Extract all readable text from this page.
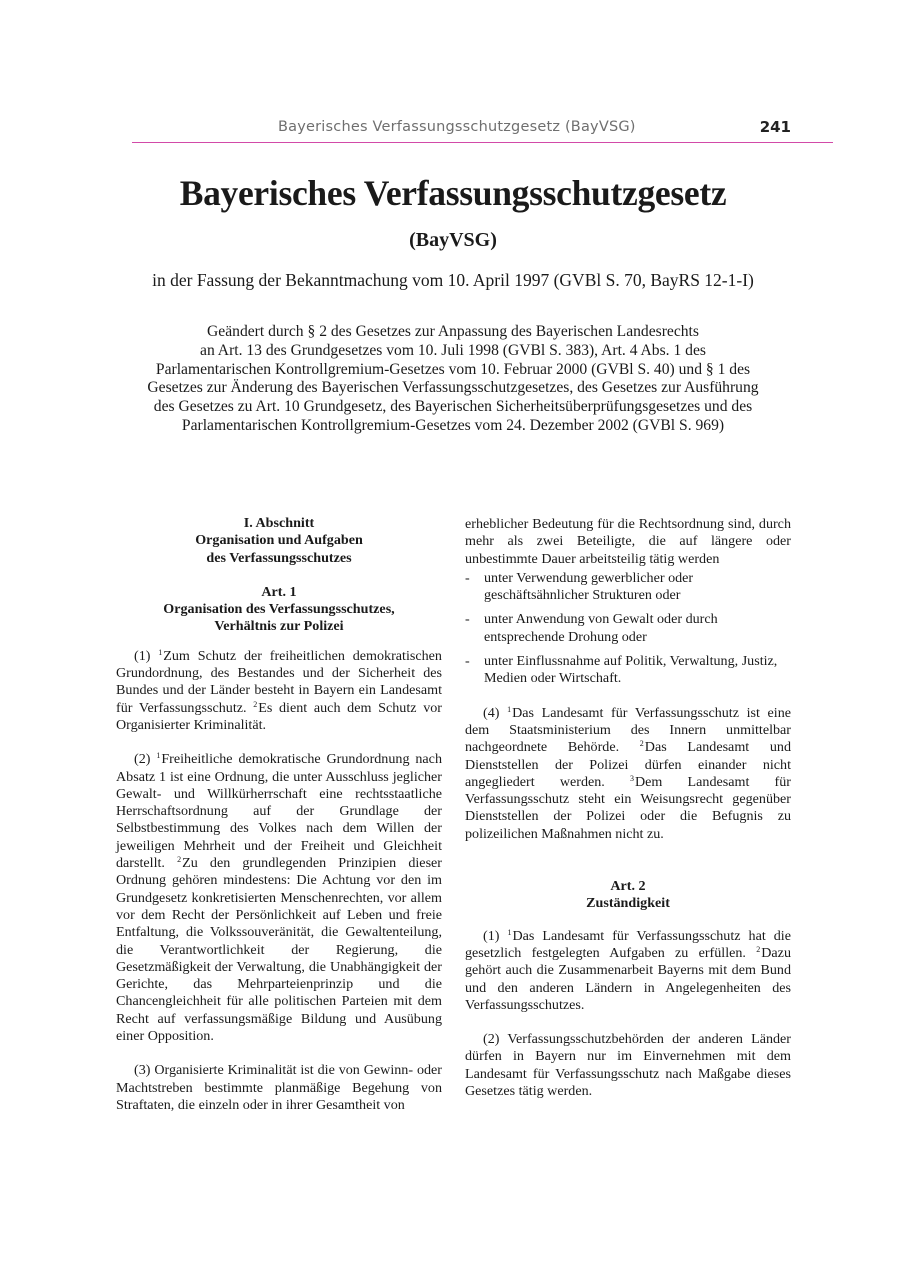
Bayerisches Verfassungsschutzgesetz (BayVSG)	241
Bayerisches Verfassungsschutzgesetz
(BayVSG)
in der Fassung der Bekanntmachung vom 10. April 1997 (GVBl S. 70, BayRS 12-1-I)
Geändert durch § 2 des Gesetzes zur Anpassung des Bayerischen Landesrechts
an Art. 13 des Grundgesetzes vom 10. Juli 1998 (GVBl S. 383), Art. 4 Abs. 1 des
Parlamentarischen Kontrollgremium-Gesetzes vom 10. Februar 2000 (GVBl S. 40) und § 1 des
Gesetzes zur Änderung des Bayerischen Verfassungsschutzgesetzes, des Gesetzes zur Ausführung
des Gesetzes zu Art. 10 Grundgesetz, des Bayerischen Sicherheitsüberprüfungsgesetzes und des
Parlamentarischen Kontrollgremium-Gesetzes vom 24. Dezember 2002 (GVBl S. 969)
I. Abschnitt
Organisation und Aufgaben
des Verfassungsschutzes
Art. 1
Organisation des Verfassungsschutzes,
Verhältnis zur Polizei

(1) $^1$Zum Schutz der freiheitlichen demokratischen Grundordnung, des Bestandes und der Sicherheit des Bundes und der Länder besteht in Bayern ein Landesamt für Verfassungsschutz. $^2$Es dient auch dem Schutz vor Organisierter Kriminalität.

(2) $^1$Freiheitliche demokratische Grundordnung nach Absatz 1 ist eine Ordnung, die unter Ausschluss jeglicher Gewalt- und Willkürherrschaft eine rechtsstaatliche Herrschaftsordnung auf der Grundlage der Selbstbestimmung des Volkes nach dem Willen der jeweiligen Mehrheit und der Freiheit und Gleichheit darstellt. $^2$Zu den grundlegenden Prinzipien dieser Ordnung gehören mindestens: Die Achtung vor den im Grundgesetz konkretisierten Menschenrechten, vor allem vor dem Recht der Persönlichkeit auf Leben und freie Entfaltung, die Volkssouveränität, die Gewaltenteilung, die Verantwortlichkeit der Regierung, die Gesetzmäßigkeit der Verwaltung, die Unabhängigkeit der Gerichte, das Mehrparteienprinzip und die Chancengleichheit für alle politischen Parteien mit dem Recht auf verfassungsmäßige Bildung und Ausübung einer Opposition.

(3) Organisierte Kriminalität ist die von Gewinn- oder Machtstreben bestimmte planmäßige Begehung von Straftaten, die einzeln oder in ihrer Gesamtheit von

erheblicher Bedeutung für die Rechtsordnung sind, durch mehr als zwei Beteiligte, die auf längere oder unbestimmte Dauer arbeitsteilig tätig werden

- unter Verwendung gewerblicher oder geschäftsähnlicher Strukturen oder
- unter Anwendung von Gewalt oder durch entsprechende Drohung oder
- unter Einflussnahme auf Politik, Verwaltung, Justiz, Medien oder Wirtschaft.

(4) $^1$Das Landesamt für Verfassungsschutz ist eine dem Staatsministerium des Innern unmittelbar nachgeordnete Behörde.	$^2$Das Landesamt und Dienststellen der Polizei dürfen einander nicht angegliedert werden.	$^3$Dem Landesamt für Verfassungsschutz steht ein Weisungsrecht gegenüber Dienststellen der Polizei oder die Befugnis zu polizeilichen Maßnahmen nicht zu.

Art. 2
Zuständigkeit

(1) $^1$Das Landesamt für Verfassungsschutz hat die gesetzlich festgelegten Aufgaben zu erfüllen. $^2$Dazu gehört auch die Zusammenarbeit Bayerns mit dem Bund und den anderen Ländern in Angelegenheiten des Verfassungsschutzes.

(2) Verfassungsschutzbehörden der anderen Länder dürfen in Bayern nur im Einvernehmen mit dem Landesamt für Verfassungsschutz nach Maßgabe dieses Gesetzes tätig werden.
